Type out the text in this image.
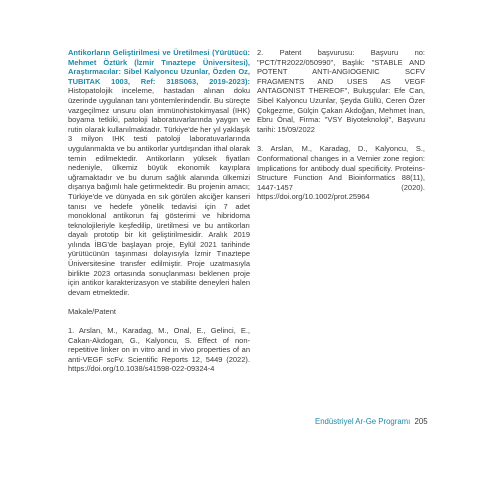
Antikorların Geliştirilmesi ve Üretilmesi (Yürütücü: Mehmet Öztürk (İzmir Tınaztepe Üniversitesi), Araştırmacılar: Sibel Kalyoncu Uzunlar, Özden Oz, TUBITAK 1003, Ref: 318S063, 2019-2023): Histopatolojik inceleme, hastadan alınan doku üzerinde uygulanan tanı yöntemlerindendir. Bu süreçte vazgeçilmez unsuru olan immünohistokimyasal (IHK) boyama tetkiki, patoloji laboratuvarlarında yaygın ve rutin olarak kullanılmaktadır. Türkiye'de her yıl yaklaşık 3 milyon IHK testi patoloji laboratuvarlarında uygulanmakta ve bu antikorlar yurtdışından ithal olarak temin edilmektedir. Antikorların yüksek fiyatları nedeniyle, ülkemiz büyük ekonomik kayıplara uğramaktadır ve bu durum sağlık alanında ülkemizi dışarıya bağımlı hale getirmektedir. Bu projenin amacı; Türkiye'de ve dünyada en sık görülen akciğer kanseri tanısı ve hedefe yönelik tedavisi için 7 adet monoklonal antikorun faj gösterimi ve hibridoma teknolojileriyle keşfedilip, üretilmesi ve bu antikorları dayalı prototip bir kit geliştirilmesidir. Aralık 2019 yılında İBG'de başlayan proje, Eylül 2021 tarihinde yürütücünün taşınması dolayısıyla İzmir Tınaztepe Üniversitesine transfer edilmiştir. Proje uzatmasıyla birlikte 2023 ortasında sonuçlanması beklenen proje için antikor karakterizasyon ve stabilite deneyleri halen devam etmektedir.

Makale/Patent

1. Arslan, M., Karadag, M., Onal, E., Gelinci, E., Cakan-Akdogan, G., Kalyoncu, S. Effect of non-repetitive linker on in vitro and in vivo properties of an anti-VEGF scFv. Scientific Reports 12, 5449 (2022). https://doi.org/10.1038/s41598-022-09324-4

2. Patent başvurusu: Başvuru no: "PCT/TR2022/050990", Başlık: "STABLE AND POTENT ANTI-ANGIOGENIC SCFV FRAGMENTS AND USES AS VEGF ANTAGONIST THEREOF", Buluşçular: Efe Can, Sibel Kalyoncu Uzunlar, Şeyda Güllü, Ceren Özer Çokgezme, Gülçin Çakan Akdoğan, Mehmet İnan, Ebru Önal, Firma: "VSY Biyoteknoloji", Başvuru tarihi: 15/09/2022

3. Arslan, M., Karadag, D., Kalyoncu, S., Conformational changes in a Vernier zone region: Implications for antibody dual specificity. Proteins-Structure Function And Bioinformatics 88(11), 1447-1457 (2020). https://doi.org/10.1002/prot.25964

Endüstriyel Ar-Ge Programı 205
